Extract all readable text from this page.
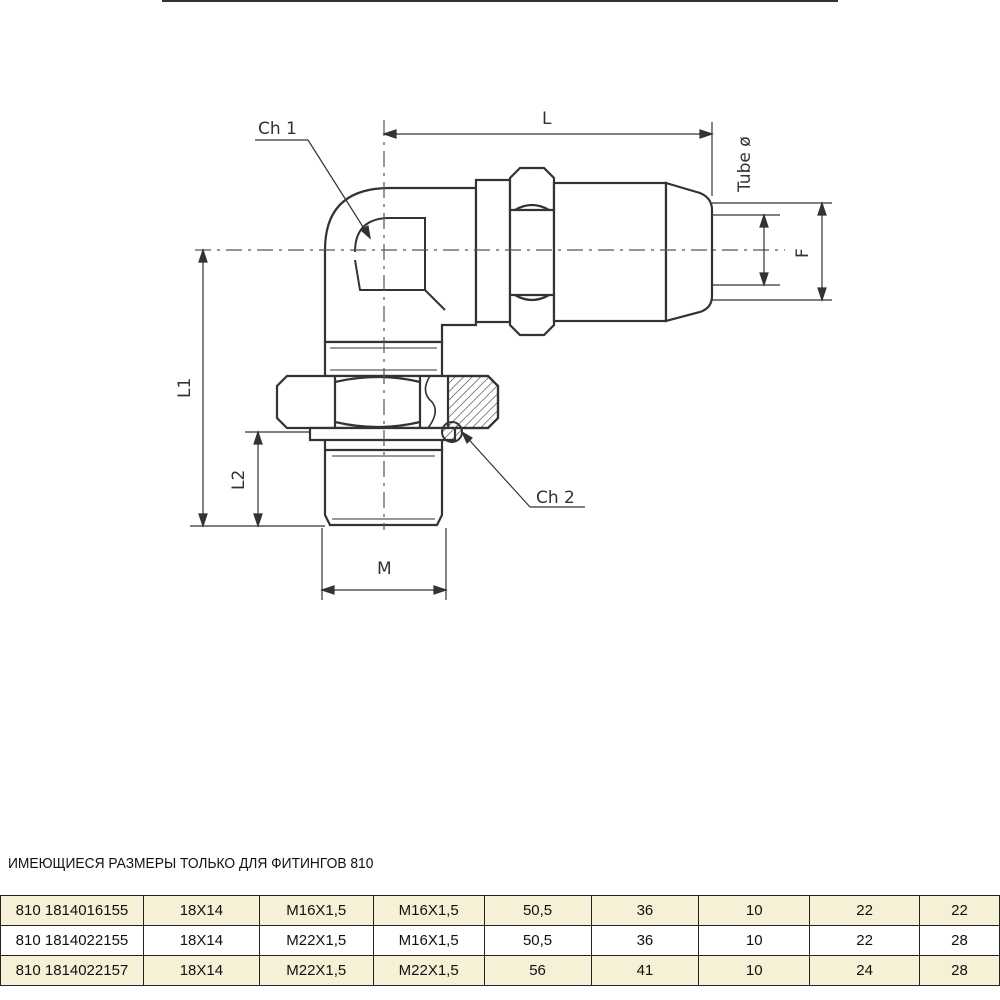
Ch 1
Ch 2
L
M
L1
L2
F
Tube ø
ИМЕЮЩИЕСЯ РАЗМЕРЫ ТОЛЬКО ДЛЯ ФИТИНГОВ 810
810 1814016155	18X14	M16X1,5	M16X1,5	50,5	36	10	22	22
810 1814022155	18X14	M22X1,5	M16X1,5	50,5	36	10	22	28
810 1814022157	18X14	M22X1,5	M22X1,5	56	41	10	24	28
